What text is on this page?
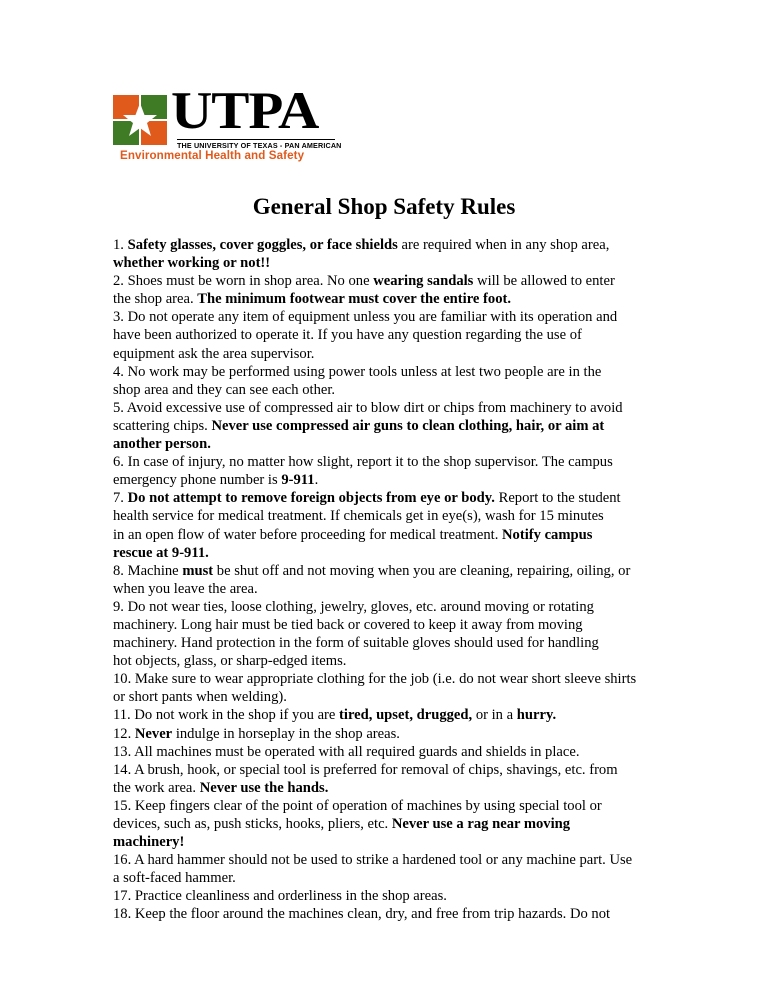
UTPA
THE UNIVERSITY OF TEXAS - PAN AMERICAN
Environmental Health and Safety
General Shop Safety Rules
1. Safety glasses, cover goggles, or face shields are required when in any shop area,
whether working or not!!
2. Shoes must be worn in shop area. No one wearing sandals will be allowed to enter
the shop area. The minimum footwear must cover the entire foot.
3. Do not operate any item of equipment unless you are familiar with its operation and
have been authorized to operate it. If you have any question regarding the use of
equipment ask the area supervisor.
4. No work may be performed using power tools unless at lest two people are in the
shop area and they can see each other.
5. Avoid excessive use of compressed air to blow dirt or chips from machinery to avoid
scattering chips. Never use compressed air guns to clean clothing, hair, or aim at
another person.
6. In case of injury, no matter how slight, report it to the shop supervisor. The campus
emergency phone number is 9-911.
7. Do not attempt to remove foreign objects from eye or body. Report to the student
health service for medical treatment. If chemicals get in eye(s), wash for 15 minutes
in an open flow of water before proceeding for medical treatment. Notify campus
rescue at 9-911.
8. Machine must be shut off and not moving when you are cleaning, repairing, oiling, or
when you leave the area.
9. Do not wear ties, loose clothing, jewelry, gloves, etc. around moving or rotating
machinery. Long hair must be tied back or covered to keep it away from moving
machinery. Hand protection in the form of suitable gloves should used for handling
hot objects, glass, or sharp-edged items.
10. Make sure to wear appropriate clothing for the job (i.e. do not wear short sleeve shirts
or short pants when welding).
11. Do not work in the shop if you are tired, upset, drugged, or in a hurry.
12. Never indulge in horseplay in the shop areas.
13. All machines must be operated with all required guards and shields in place.
14. A brush, hook, or special tool is preferred for removal of chips, shavings, etc. from
the work area. Never use the hands.
15. Keep fingers clear of the point of operation of machines by using special tool or
devices, such as, push sticks, hooks, pliers, etc. Never use a rag near moving
machinery!
16. A hard hammer should not be used to strike a hardened tool or any machine part. Use
a soft-faced hammer.
17. Practice cleanliness and orderliness in the shop areas.
18. Keep the floor around the machines clean, dry, and free from trip hazards. Do not
